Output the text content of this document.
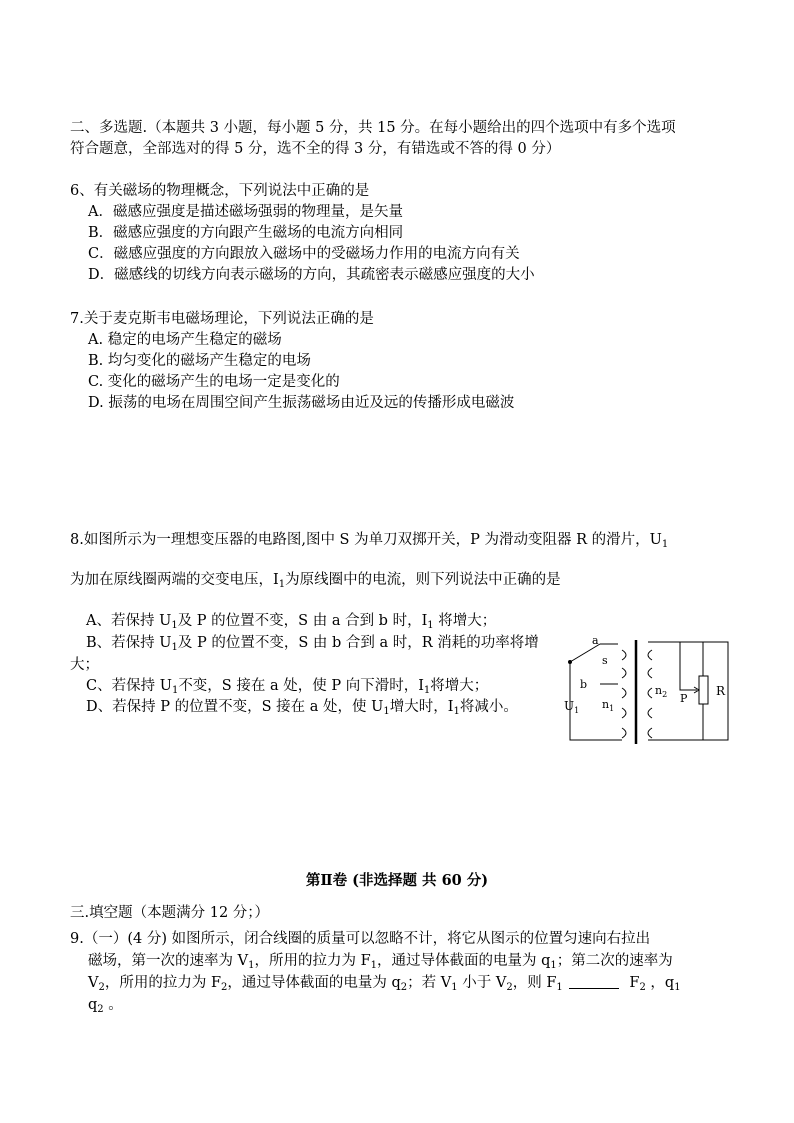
二、多选题.（本题共 3 小题，每小题 5 分，共 15 分。在每小题给出的四个选项中有多个选项
符合题意，全部选对的得 5 分，选不全的得 3 分，有错选或不答的得 0 分）
6、有关磁场的物理概念，下列说法中正确的是
A．磁感应强度是描述磁场强弱的物理量，是矢量
B．磁感应强度的方向跟产生磁场的电流方向相同
C．磁感应强度的方向跟放入磁场中的受磁场力作用的电流方向有关
D．磁感线的切线方向表示磁场的方向，其疏密表示磁感应强度的大小
7.关于麦克斯韦电磁场理论，下列说法正确的是
A. 稳定的电场产生稳定的磁场
B. 均匀变化的磁场产生稳定的电场
C. 变化的磁场产生的电场一定是变化的
D. 振荡的电场在周围空间产生振荡磁场由近及远的传播形成电磁波
8.如图所示为一理想变压器的电路图,图中 S 为单刀双掷开关，P 为滑动变阻器 R 的滑片，$U_1$
为加在原线圈两端的交变电压，$I_1$为原线圈中的电流，则下列说法中正确的是
A、若保持 $U_1$及 P 的位置不变，S 由 a 合到 b 时，$I_1$ 将增大；
B、若保持 $U_1$及 P 的位置不变，S 由 b 合到 a 时，R 消耗的功率将增
大；
C、若保持 $U_1$不变，S 接在 a 处，使 P 向下滑时，$I_1$将增大；
D、若保持 P 的位置不变，S 接在 a 处，使 $U_1$增大时，$I_1$将减小。
a
s
b
$U_1$ $n_1$
$n_2$ P
R
第Ⅱ卷 (非选择题 共 60 分)
三.填空题（本题满分 12 分；）
9.（一）(4 分) 如图所示，闭合线圈的质量可以忽略不计，将它从图示的位置匀速向右拉出
磁场，第一次的速率为 $V_1$，所用的拉力为 $F_1$，通过导体截面的电量为 $q_1$；第二次的速率为
$V_2$，所用的拉力为 $F_2$，通过导体截面的电量为 $q_2$；若 $V_1$ 小于 $V_2$，则 $F_1$	$F_2$ ，$q_1$
$q_2$ 。
